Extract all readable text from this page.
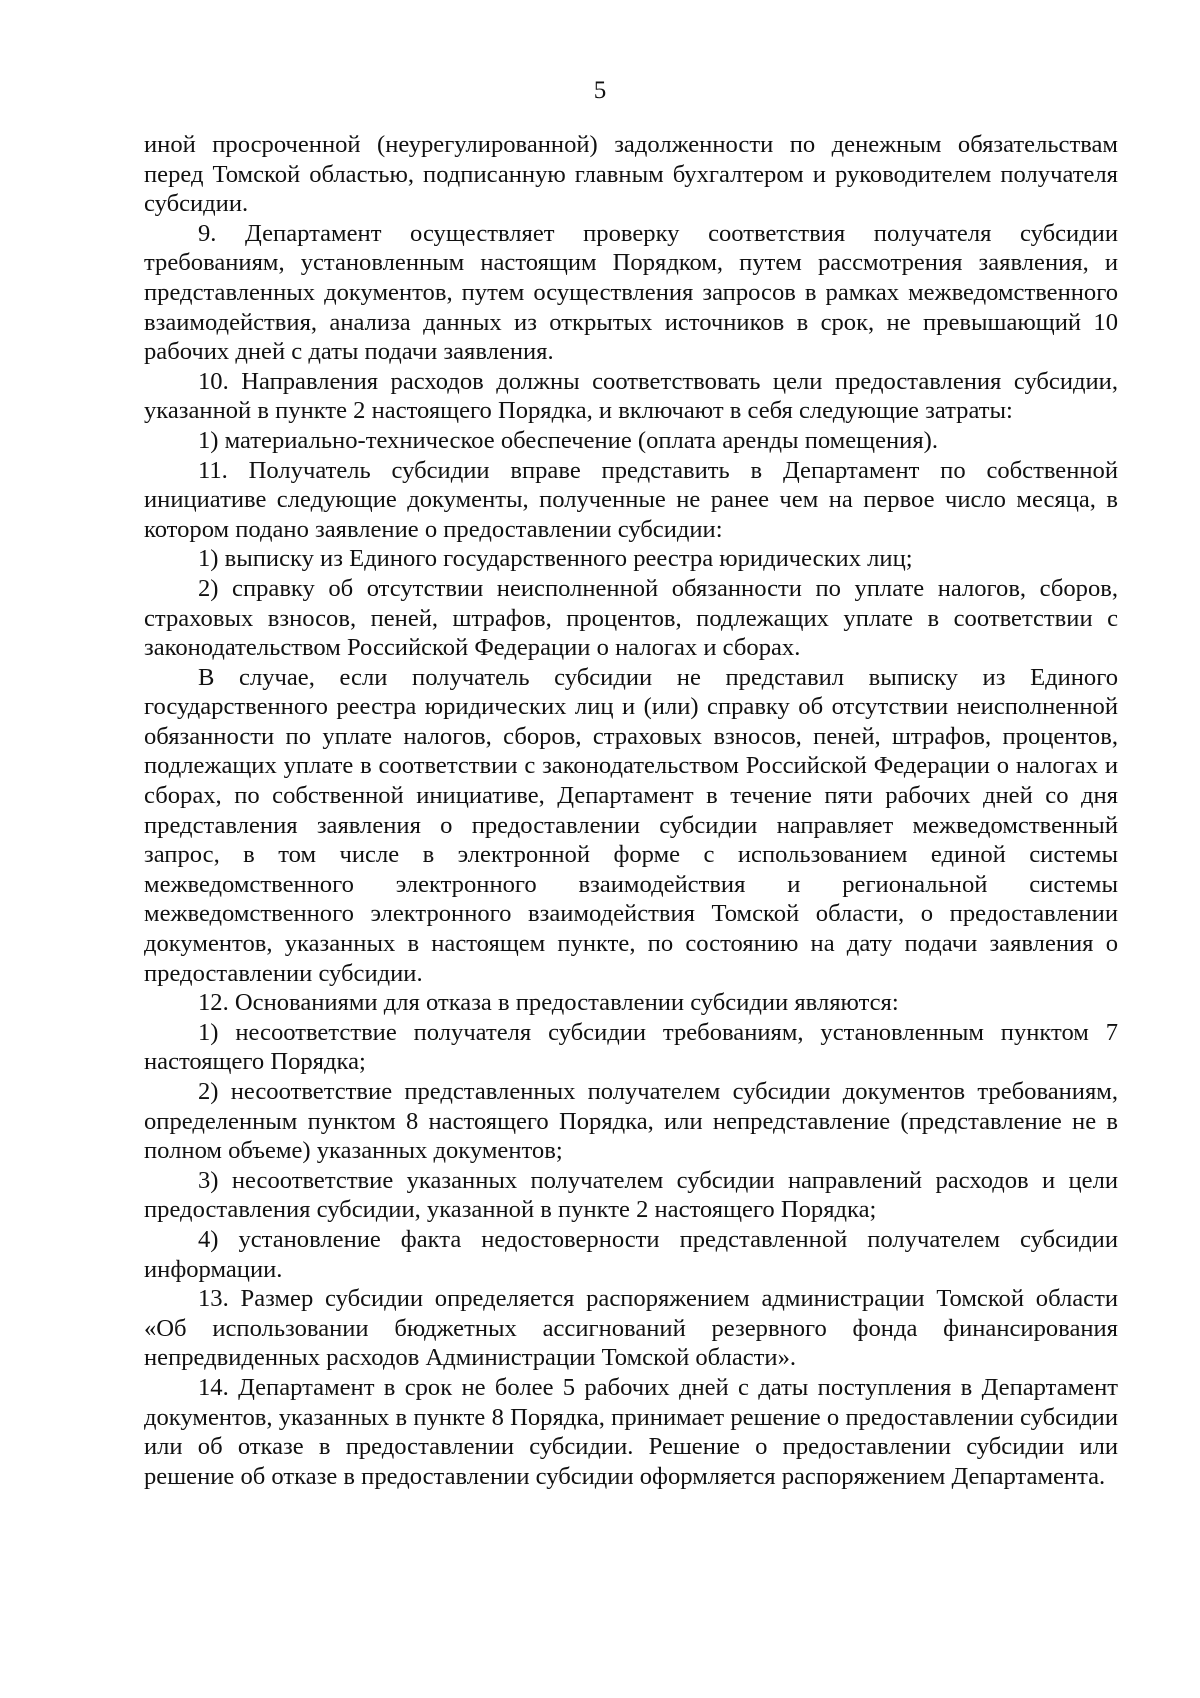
5

иной просроченной (неурегулированной) задолженности по денежным обязательствам перед Томской областью, подписанную главным бухгалтером и руководителем получателя субсидии.

9. Департамент осуществляет проверку соответствия получателя субсидии требованиям, установленным настоящим Порядком, путем рассмотрения заявления, и представленных документов, путем осуществления запросов в рамках межведомственного взаимодействия, анализа данных из открытых источников в срок, не превышающий 10 рабочих дней с даты подачи заявления.

10. Направления расходов должны соответствовать цели предоставления субсидии, указанной в пункте 2 настоящего Порядка, и включают в себя следующие затраты:

1) материально-техническое обеспечение (оплата аренды помещения).

11. Получатель субсидии вправе представить в Департамент по собственной инициативе следующие документы, полученные не ранее чем на первое число месяца, в котором подано заявление о предоставлении субсидии:

1) выписку из Единого государственного реестра юридических лиц;

2) справку об отсутствии неисполненной обязанности по уплате налогов, сборов, страховых взносов, пеней, штрафов, процентов, подлежащих уплате в соответствии с законодательством Российской Федерации о налогах и сборах.

В случае, если получатель субсидии не представил выписку из Единого государственного реестра юридических лиц и (или) справку об отсутствии неисполненной обязанности по уплате налогов, сборов, страховых взносов, пеней, штрафов, процентов, подлежащих уплате в соответствии с законодательством Российской Федерации о налогах и сборах, по собственной инициативе, Департамент в течение пяти рабочих дней со дня представления заявления о предоставлении субсидии направляет межведомственный запрос, в том числе в электронной форме с использованием единой системы межведомственного электронного взаимодействия и региональной системы межведомственного электронного взаимодействия Томской области, о предоставлении документов, указанных в настоящем пункте, по состоянию на дату подачи заявления о предоставлении субсидии.

12. Основаниями для отказа в предоставлении субсидии являются:

1) несоответствие получателя субсидии требованиям, установленным пунктом 7 настоящего Порядка;

2) несоответствие представленных получателем субсидии документов требованиям, определенным пунктом 8 настоящего Порядка, или непредставление (представление не в полном объеме) указанных документов;

3) несоответствие указанных получателем субсидии направлений расходов и цели предоставления субсидии, указанной в пункте 2 настоящего Порядка;

4) установление факта недостоверности представленной получателем субсидии информации.

13. Размер субсидии определяется распоряжением администрации Томской области «Об использовании бюджетных ассигнований резервного фонда финансирования непредвиденных расходов Администрации Томской области».

14. Департамент в срок не более 5 рабочих дней с даты поступления в Департамент документов, указанных в пункте 8 Порядка, принимает решение о предоставлении субсидии или об отказе в предоставлении субсидии. Решение о предоставлении субсидии или решение об отказе в предоставлении субсидии оформляется распоряжением Департамента.
